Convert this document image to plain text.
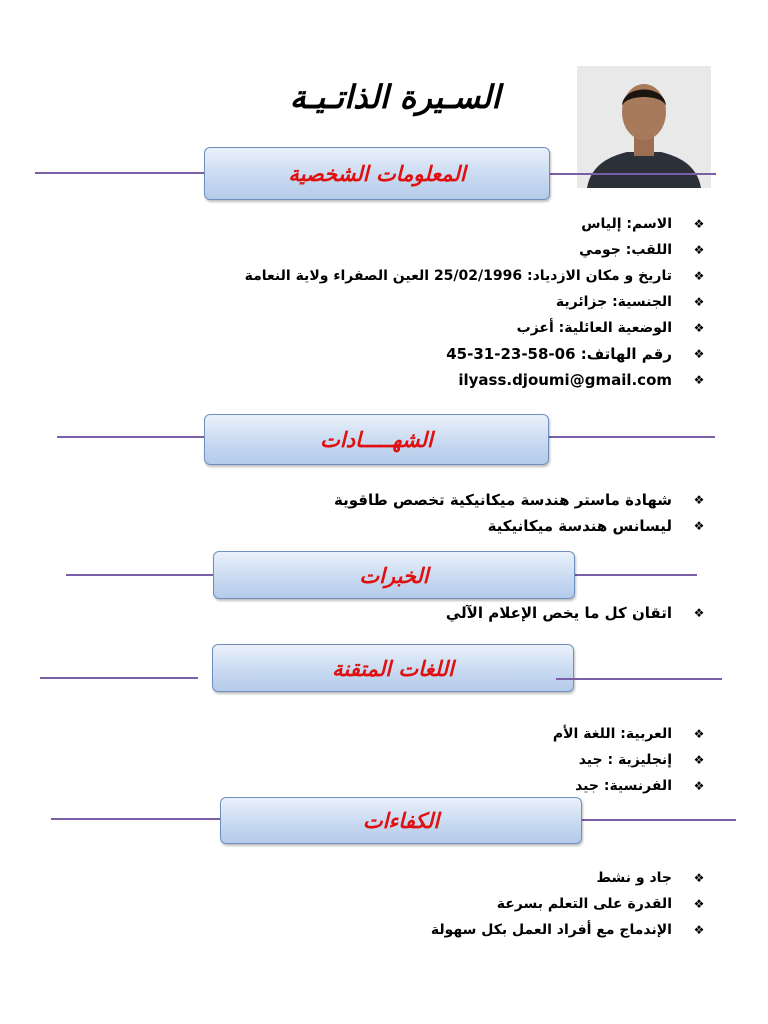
السـيرة الذاتـيـة
المعلومات الشخصية
❖
الاسم: إلياس
❖
اللقب: جومي
❖
تاريخ و مكان الازدياد: 25/02/1996 العين الصفراء ولاية النعامة
❖
الجنسية: جزائرية
❖
الوضعية العائلية: أعزب
❖
رقم الهاتف: 06-58-23-31-45
❖
ilyass.djoumi@gmail.com
الشهـــــادات
❖
شهادة ماستر هندسة ميكانيكية تخصص طاقوية
❖
ليسانس هندسة ميكانيكية
الخبرات
❖
اتقان كل ما يخص الإعلام الآلي
اللغات المتقنة
❖
العربية: اللغة الأم
❖
إنجليزية : جيد
❖
الفرنسية: جيد
الكفاءات
❖
جاد و نشط
❖
القدرة على التعلم بسرعة
❖
الإندماج مع أفراد العمل بكل سهولة
